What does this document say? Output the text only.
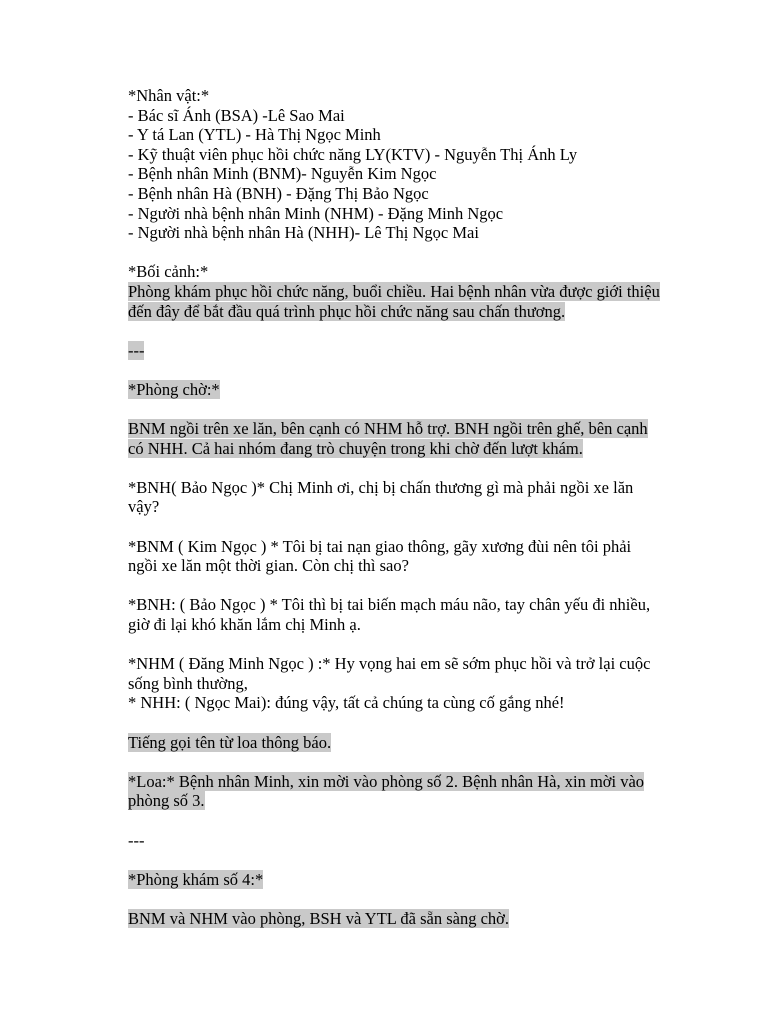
*Nhân vật:*
- Bác sĩ Ánh (BSA) -Lê Sao Mai
- Y tá Lan (YTL) - Hà Thị Ngọc Minh
- Kỹ thuật viên phục hồi chức năng LY(KTV) - Nguyễn Thị Ánh Ly
- Bệnh nhân Minh (BNM)- Nguyễn Kim Ngọc
- Bệnh nhân Hà (BNH) - Đặng Thị Bảo Ngọc
- Người nhà bệnh nhân Minh (NHM) - Đặng Minh Ngọc
- Người nhà bệnh nhân Hà (NHH)- Lê Thị Ngọc Mai
*Bối cảnh:*
Phòng khám phục hồi chức năng, buổi chiều. Hai bệnh nhân vừa được giới thiệu
đến đây để bắt đầu quá trình phục hồi chức năng sau chấn thương.
---
*Phòng chờ:*
BNM ngồi trên xe lăn, bên cạnh có NHM hỗ trợ. BNH ngồi trên ghế, bên cạnh
có NHH. Cả hai nhóm đang trò chuyện trong khi chờ đến lượt khám.
*BNH( Bảo Ngọc )* Chị Minh ơi, chị bị chấn thương gì mà phải ngồi xe lăn
vậy?
*BNM ( Kim Ngọc ) * Tôi bị tai nạn giao thông, gãy xương đùi nên tôi phải
ngồi xe lăn một thời gian. Còn chị thì sao?
*BNH: ( Bảo Ngọc ) * Tôi thì bị tai biến mạch máu não, tay chân yếu đi nhiều,
giờ đi lại khó khăn lắm chị Minh ạ.
*NHM ( Đăng Minh Ngọc ) :* Hy vọng hai em sẽ sớm phục hồi và trở lại cuộc
sống bình thường,
* NHH: ( Ngọc Mai): đúng vậy, tất cả chúng ta cùng cố gắng nhé!
Tiếng gọi tên từ loa thông báo.
*Loa:* Bệnh nhân Minh, xin mời vào phòng số 2. Bệnh nhân Hà, xin mời vào
phòng số 3.
---
*Phòng khám số 4:*
BNM và NHM vào phòng, BSH và YTL đã sẵn sàng chờ.
